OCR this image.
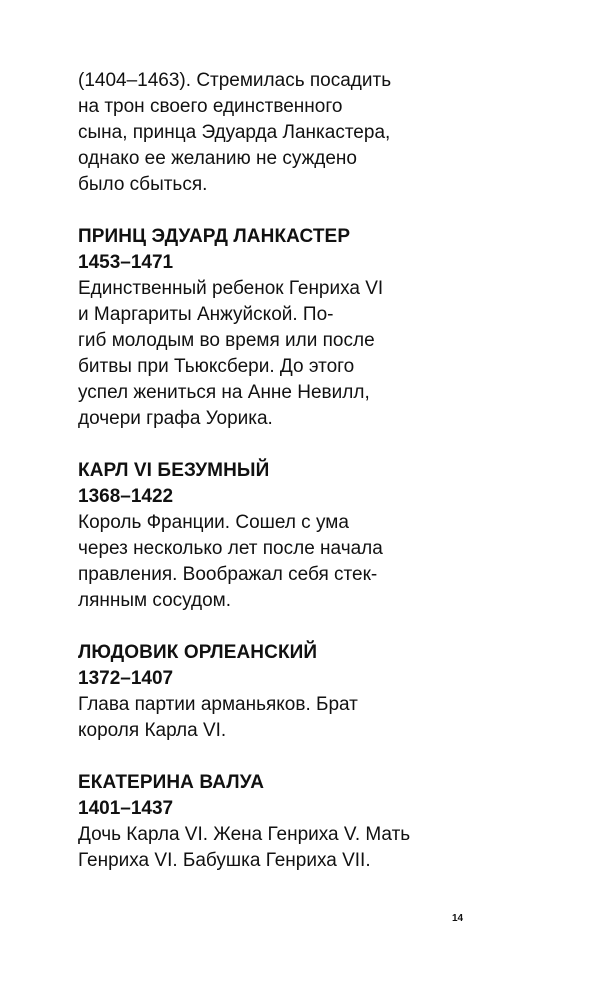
(1404–1463). Стремилась посадить
на трон своего единственного
сына, принца Эдуарда Ланкастера,
однако ее желанию не суждено
было сбыться.
ПРИНЦ ЭДУАРД ЛАНКАСТЕР
1453–1471
Единственный ребенок Генриха VI
и Маргариты Анжуйской. По-
гиб молодым во время или после
битвы при Тьюксбери. До этого
успел жениться на Анне Невилл,
дочери графа Уорика.
КАРЛ VI БЕЗУМНЫЙ
1368–1422
Король Франции. Сошел с ума
через несколько лет после начала
правления. Воображал себя стек-
лянным сосудом.
ЛЮДОВИК ОРЛЕАНСКИЙ
1372–1407
Глава партии арманьяков. Брат
короля Карла VI.
ЕКАТЕРИНА ВАЛУА
1401–1437
Дочь Карла VI. Жена Генриха V. Мать
Генриха VI. Бабушка Генриха VII.
14
